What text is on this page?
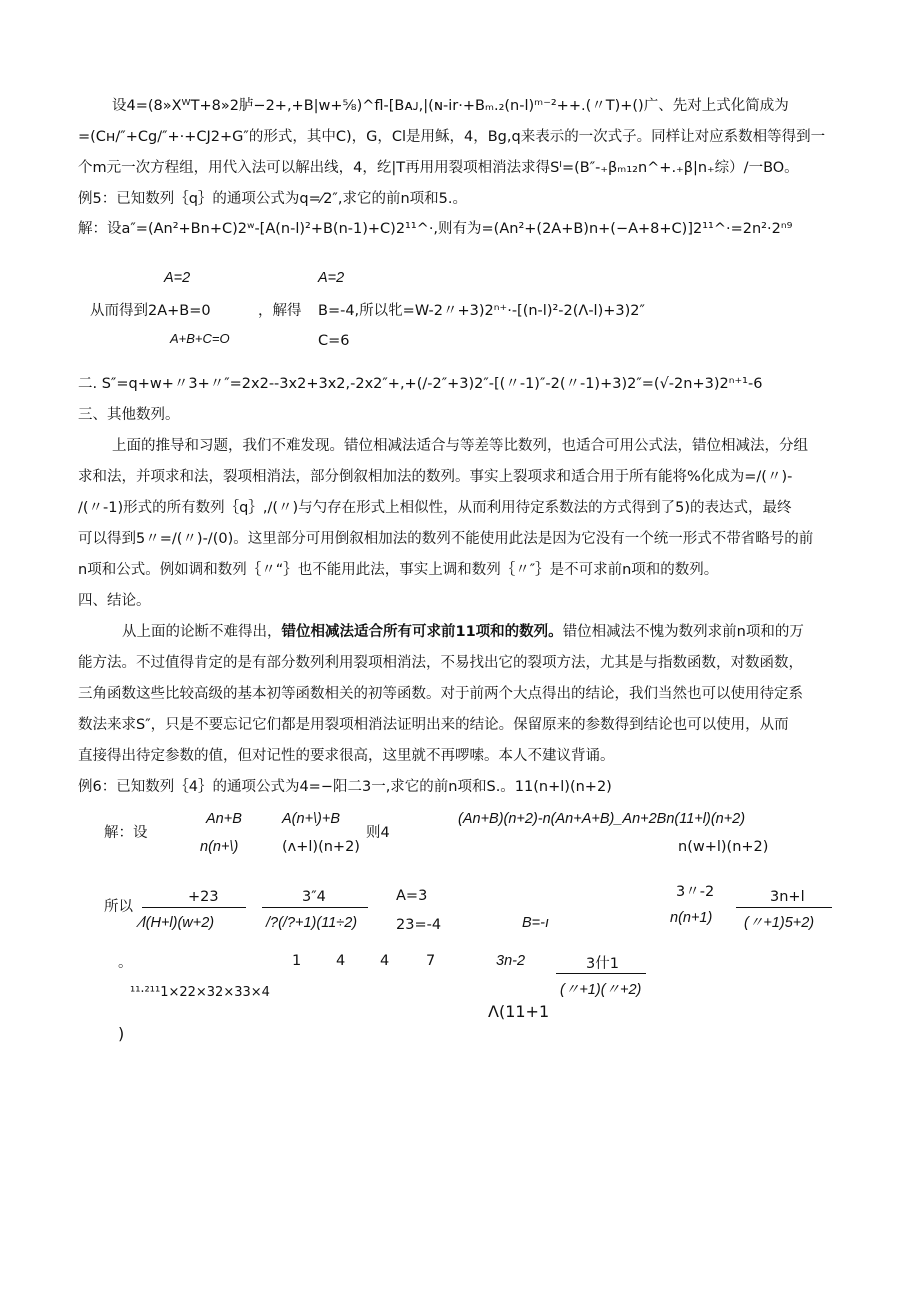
设4=(8»XᵂT+8»2胪−2+,+B|w+⅝)^fl-[Bᴀᴊ,|(ɴ-ir·+Bₘ.₂(n-l)ᵐ⁻²++.(〃T)+()广、先对上式化简成为
=(Cʜ/″+Cg/″+·+CJ2+G″的形式，其中C)，G，Cl是用稣，4，Bg,q来表示的一次式子。同样让对应系数相等得到一
个m元一次方程组，用代入法可以解出线，4，纥|T再用用裂项相消法求得Sᴵ=(B″-₊βₘ₁₂n^+.₊β|n₊综）/一BO。
例5：已知数列｛q｝的通项公式为q=⁄2″,求它的前n项和5.。
解：设a″=(An²+Bn+C)2ʷ-[A(n-l)²+B(n-1)+C)2¹¹^·,则有为=(An²+(2A+B)n+(−A+8+C)]2¹¹^·=2n²·2ⁿ⁹
A=2
从而得到2A+B=0
A+B+C=O
，解得
A=2
B=-4,所以牝=W-2〃+3)2ⁿ⁺·-[(n-l)²-2(Λ-l)+3)2″
C=6
二. S″=q+w+〃3+〃″=2x2--3x2+3x2,-2x2″+,+(/-2″+3)2″-[(〃-1)″-2(〃-1)+3)2″=(√-2n+3)2ⁿ⁺¹-6
三、其他数列。
上面的推导和习题，我们不难发现。错位相减法适合与等差等比数列，也适合可用公式法，错位相减法，分组
求和法，并项求和法，裂项相消法，部分倒叙相加法的数列。事实上裂项求和适合用于所有能将%化成为=/(〃)-
/(〃-1)形式的所有数列｛q｝,/(〃)与勺存在形式上相似性，从而利用待定系数法的方式得到了5)的表达式，最终
可以得到5〃=/(〃)-/(0)。这里部分可用倒叙相加法的数列不能使用此法是因为它没有一个统一形式不带省略号的前
n项和公式。例如调和数列｛〃“｝也不能用此法，事实上调和数列｛〃″｝是不可求前n项和的数列。
四、结论。
从上面的论断不难得出，错位相减法适合所有可求前11项和的数列。错位相减法不愧为数列求前n项和的万
能方法。不过值得肯定的是有部分数列利用裂项相消法，不易找出它的裂项方法，尤其是与指数函数，对数函数，
三角函数这些比较高级的基本初等函数相关的初等函数。对于前两个大点得出的结论，我们当然也可以使用待定系
数法来求S″，只是不要忘记它们都是用裂项相消法证明出来的结论。保留原来的参数得到结论也可以使用，从而
直接得出待定参数的值，但对记性的要求很高，这里就不再啰嗦。本人不建议背诵。
例6：已知数列｛4｝的通项公式为4=−阳二3一,求它的前n项和S.。11(n+l)(n+2)
解：设
An+B
n(n+\)
A(n+\)+B
(ʌ+l)(n+2)
则4
(An+B)(n+2)-n(An+A+B)_An+2Bn(11+l)(n+2)
n(w+l)(n+2)
所以
+23
⁄l(H+l)(w+2)
3″4
/?(/?+1)(11÷2)
A=3
23=-4	B=-ı
3〃-2
n(n+1)
3n+l
(〃+1)5+2)
。	1 4 4	7	3n-2	3什1
(〃+1)(〃+2)
¹¹·²¹¹1×22×32×33×4
Λ(11+1
)
